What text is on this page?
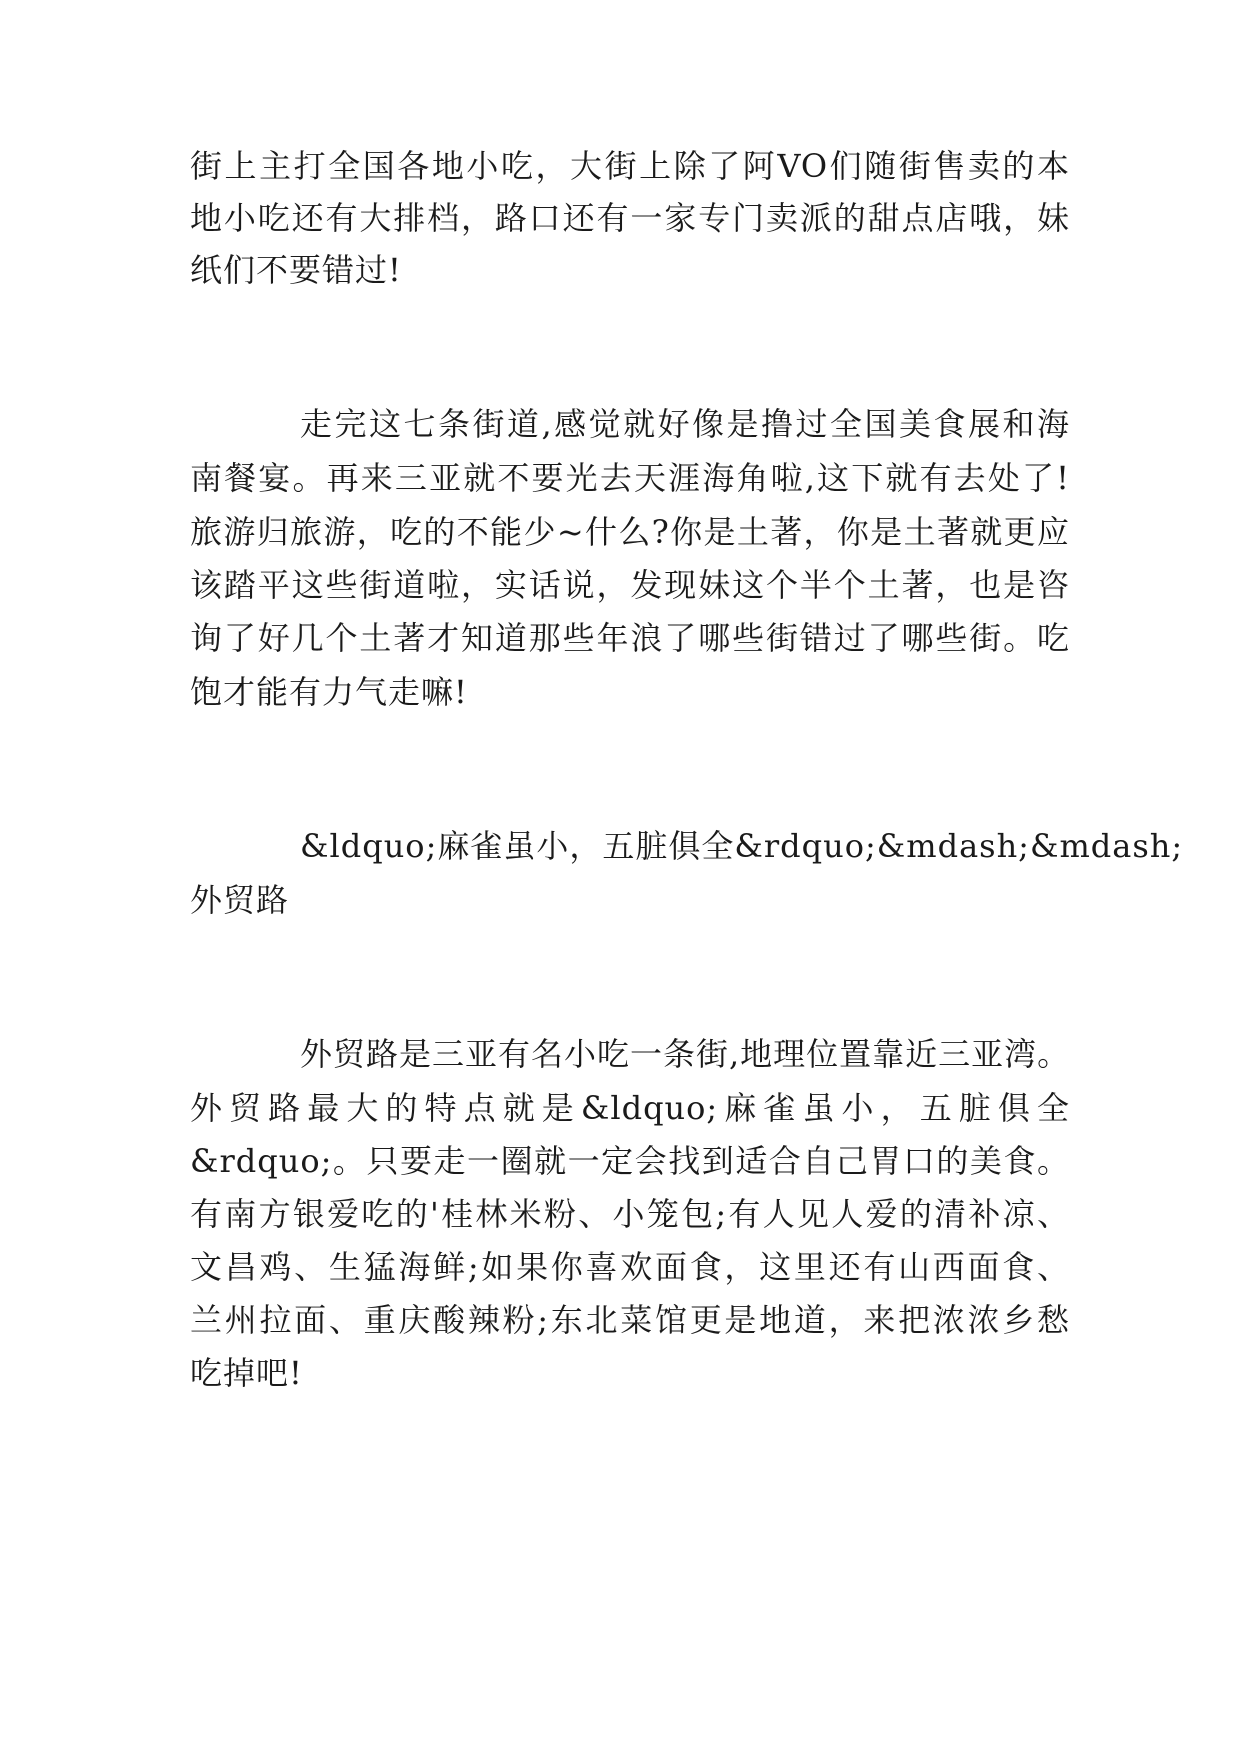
街上主打全国各地小吃，大街上除了阿VO们随街售卖的本
地小吃还有大排档，路口还有一家专门卖派的甜点店哦，妹
纸们不要错过!
走完这七条街道,感觉就好像是撸过全国美食展和海
南餐宴。再来三亚就不要光去天涯海角啦,这下就有去处了!
旅游归旅游，吃的不能少~什么?你是土著，你是土著就更应
该踏平这些街道啦，实话说，发现妹这个半个土著，也是咨
询了好几个土著才知道那些年浪了哪些街错过了哪些街。吃
饱才能有力气走嘛!
&ldquo;麻雀虽小，五脏俱全&rdquo;&mdash;&mdash;
外贸路
外贸路是三亚有名小吃一条街,地理位置靠近三亚湾。
外贸路最大的特点就是&ldquo;麻雀虽小，五脏俱全
&rdquo;。只要走一圈就一定会找到适合自己胃口的美食。
有南方银爱吃的'桂林米粉、小笼包;有人见人爱的清补凉、
文昌鸡、生猛海鲜;如果你喜欢面食，这里还有山西面食、
兰州拉面、重庆酸辣粉;东北菜馆更是地道，来把浓浓乡愁
吃掉吧!
